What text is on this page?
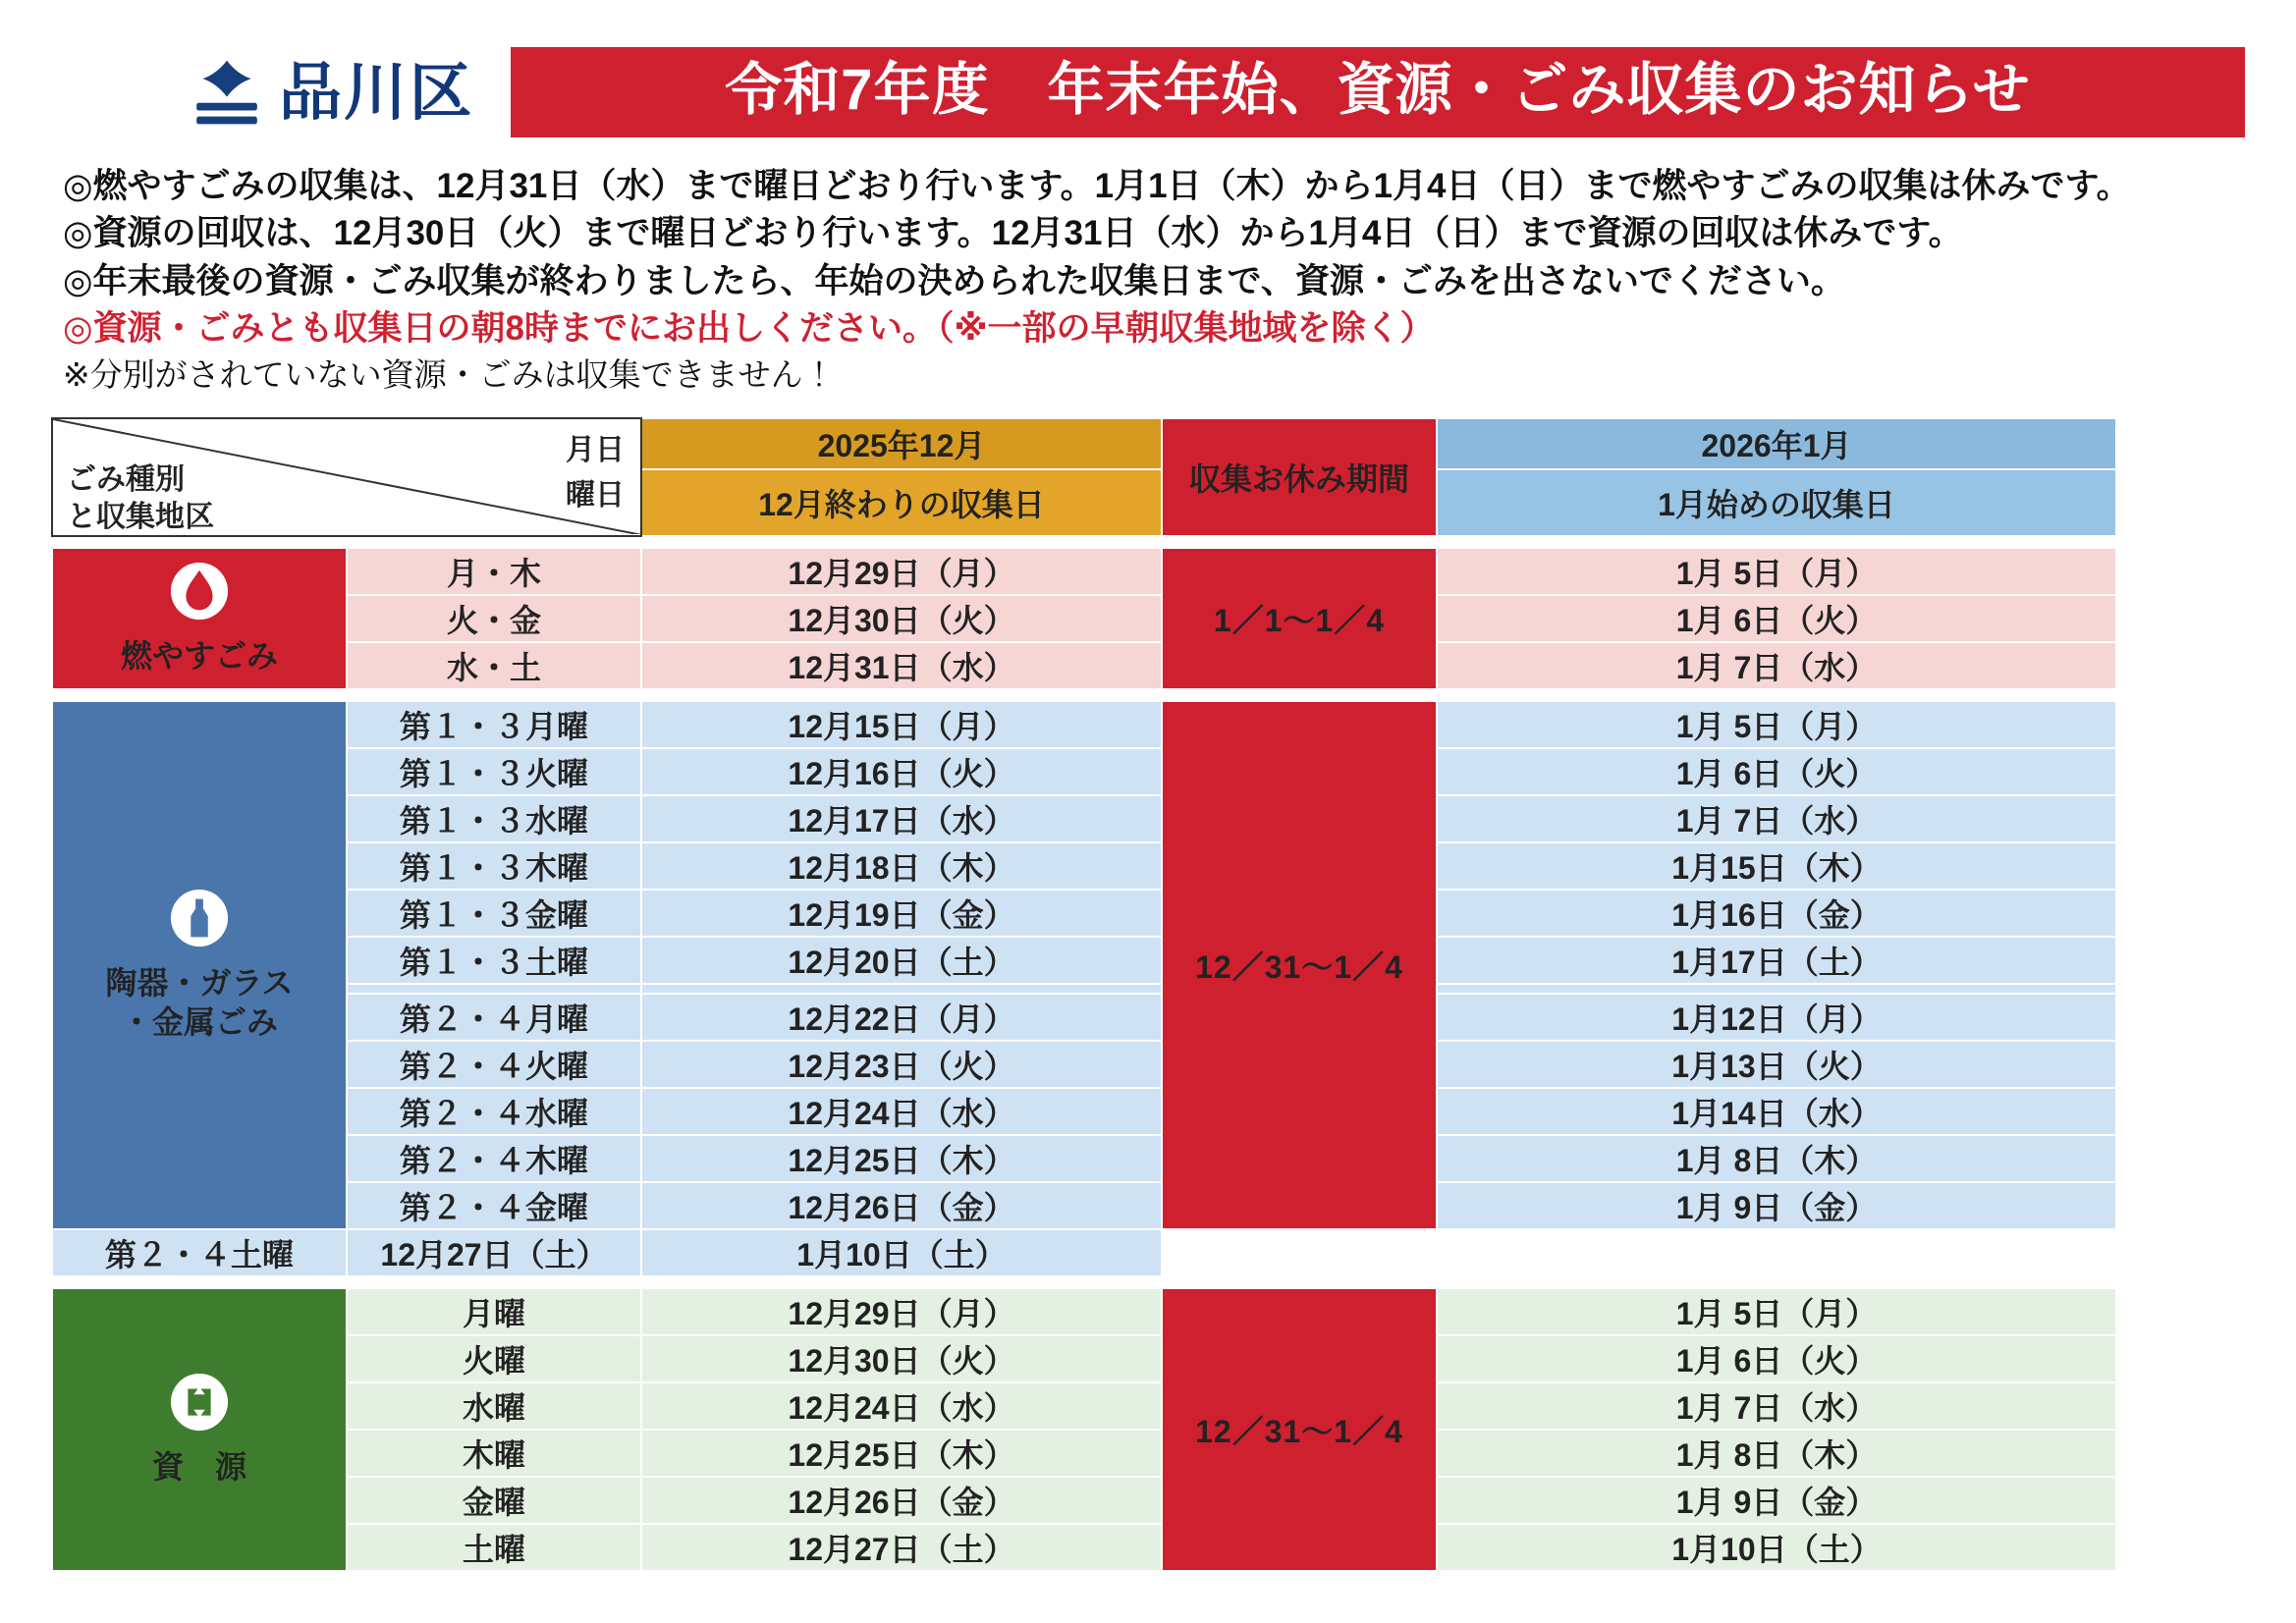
品川区	令和7年度　年末年始、資源・ごみ収集のお知らせ
◎燃やすごみの収集は、12月31日（水）まで曜日どおり行います。1月1日（木）から1月4日（日）まで燃やすごみの収集は休みです。
◎資源の回収は、12月30日（火）まで曜日どおり行います。12月31日（水）から1月4日（日）まで資源の回収は休みです。
◎年末最後の資源・ごみ収集が終わりましたら、年始の決められた収集日まで、資源・ごみを出さないでください。
◎資源・ごみとも収集日の朝8時までにお出しください。（※一部の早朝収集地域を除く）
※分別がされていない資源・ごみは収集できません！
月日
曜日
ごみ種別
と収集地区		2025年12月	収集お休み期間	2026年1月
		12月終わりの収集日		1月始めの収集日

燃やすごみ	月・木	12月29日（月）	1／1～1／4	1月 5日（月）
	火・金	12月30日（火）		1月 6日（火）
	水・土	12月31日（水）		1月 7日（水）

陶器・ガラス
・金属ごみ	第１・３月曜	12月15日（月）	12／31～1／4	1月 5日（月）
	第１・３火曜	12月16日（火）		1月 6日（火）
	第１・３水曜	12月17日（水）		1月 7日（水）
	第１・３木曜	12月18日（木）		1月15日（木）
	第１・３金曜	12月19日（金）		1月16日（金）
	第１・３土曜	12月20日（土）		1月17日（土）

	第２・４月曜	12月22日（月）		1月12日（月）
	第２・４火曜	12月23日（火）		1月13日（火）
	第２・４水曜	12月24日（水）		1月14日（水）
	第２・４木曜	12月25日（木）		1月 8日（木）
	第２・４金曜	12月26日（金）		1月 9日（金）
第２・４土曜	12月27日（土）	1月10日（土）		

資　源	月曜	12月29日（月）	12／31～1／4	1月 5日（月）
	火曜	12月30日（火）		1月 6日（火）
	水曜	12月24日（水）		1月 7日（水）
	木曜	12月25日（木）		1月 8日（木）
	金曜	12月26日（金）		1月 9日（金）
	土曜	12月27日（土）		1月10日（土）
